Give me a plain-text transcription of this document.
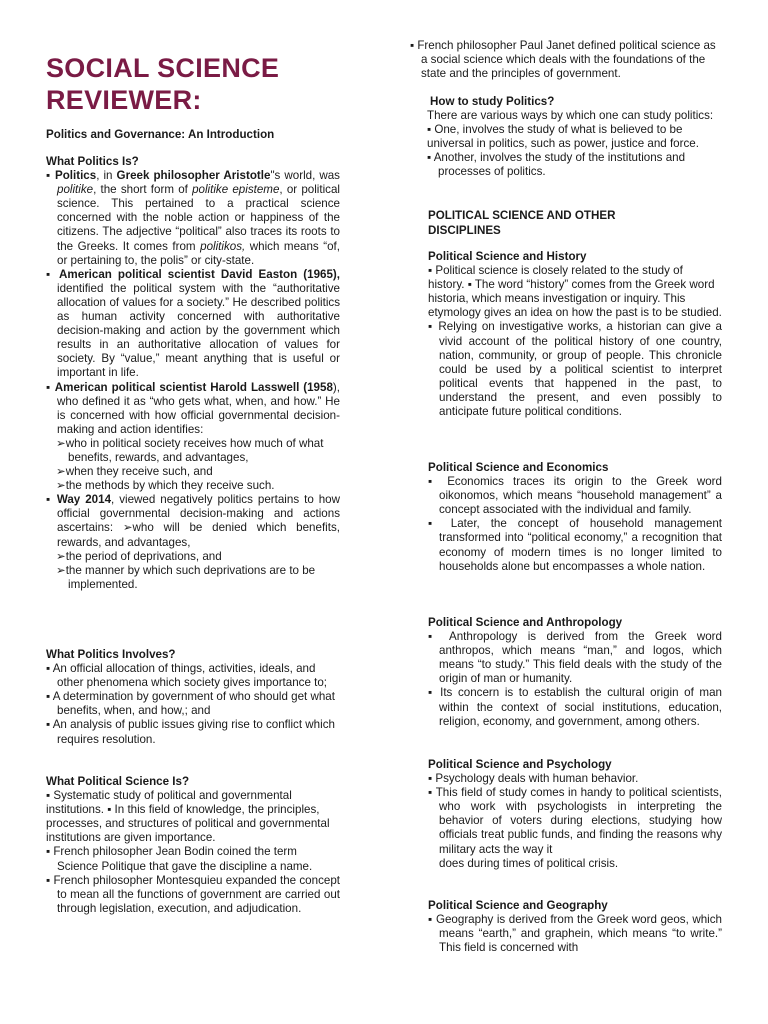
SOCIAL SCIENCE REVIEWER:

Politics and Governance: An Introduction

What Politics Is?

▪ Politics, in Greek philosopher Aristotle"s world, was politike, the short form of politike episteme, or political science. This pertained to a practical science concerned with the noble action or happiness of the citizens. The adjective “political” also traces its roots to the Greeks. It comes from politikos, which means “of, or pertaining to, the polis” or city-state.

▪ American political scientist David Easton (1965), identified the political system with the “authoritative allocation of values for a society.” He described politics as human activity concerned with authoritative decision-making and action by the government which results in an authoritative allocation of values for society. By “value,” meant anything that is useful or important in life.

▪ American political scientist Harold Lasswell (1958), who defined it as “who gets what, when, and how.” He is concerned with how official governmental decision-making and action identifies:

➢who in political society receives how much of what benefits, rewards, and advantages,

➢when they receive such, and

➢the methods by which they receive such.

▪ Way 2014, viewed negatively politics pertains to how official governmental decision-making and actions ascertains: ➢who will be denied which benefits, rewards, and advantages,

➢the period of deprivations, and

➢the manner by which such deprivations are to be implemented.

What Politics Involves?

▪ An official allocation of things, activities, ideals, and other phenomena which society gives importance to;

▪ A determination by government of who should get what benefits, when, and how,; and

▪ An analysis of public issues giving rise to conflict which requires resolution.

What Political Science Is?

▪ Systematic study of political and governmental institutions. ▪ In this field of knowledge, the principles, processes, and structures of political and governmental institutions are given importance.

▪ French philosopher Jean Bodin coined the term Science Politique that gave the discipline a name.

▪ French philosopher Montesquieu expanded the concept to mean all the functions of government are carried out through legislation, execution, and adjudication.

▪ French philosopher Paul Janet defined political science as a social science which deals with the foundations of the state and the principles of government.

How to study Politics?

There are various ways by which one can study politics: ▪ One, involves the study of what is believed to be universal in politics, such as power, justice and force.

▪ Another, involves the study of the institutions and processes of politics.

POLITICAL SCIENCE AND OTHER DISCIPLINES

Political Science and History

▪ Political science is closely related to the study of history. ▪ The word “history” comes from the Greek word historia, which means investigation or inquiry. This etymology gives an idea on how the past is to be studied.

▪ Relying on investigative works, a historian can give a vivid account of the political history of one country, nation, community, or group of people. This chronicle could be used by a political scientist to interpret political events that happened in the past, to understand the present, and even possibly to anticipate future political conditions.

Political Science and Economics

▪ Economics traces its origin to the Greek word oikonomos, which means “household management” a concept associated with the individual and family.

▪ Later, the concept of household management transformed into “political economy,” a recognition that economy of modern times is no longer limited to households alone but encompasses a whole nation.

Political Science and Anthropology

▪ Anthropology is derived from the Greek word anthropos, which means “man,” and logos, which means “to study.” This field deals with the study of the origin of man or humanity.

▪ Its concern is to establish the cultural origin of man within the context of social institutions, education, religion, economy, and government, among others.

Political Science and Psychology

▪ Psychology deals with human behavior.

▪ This field of study comes in handy to political scientists, who work with psychologists in interpreting the behavior of voters during elections, studying how officials treat public funds, and finding the reasons why military acts the way it

does during times of political crisis.

Political Science and Geography

▪ Geography is derived from the Greek word geos, which means “earth,” and graphein, which means “to write.” This field is concerned with
